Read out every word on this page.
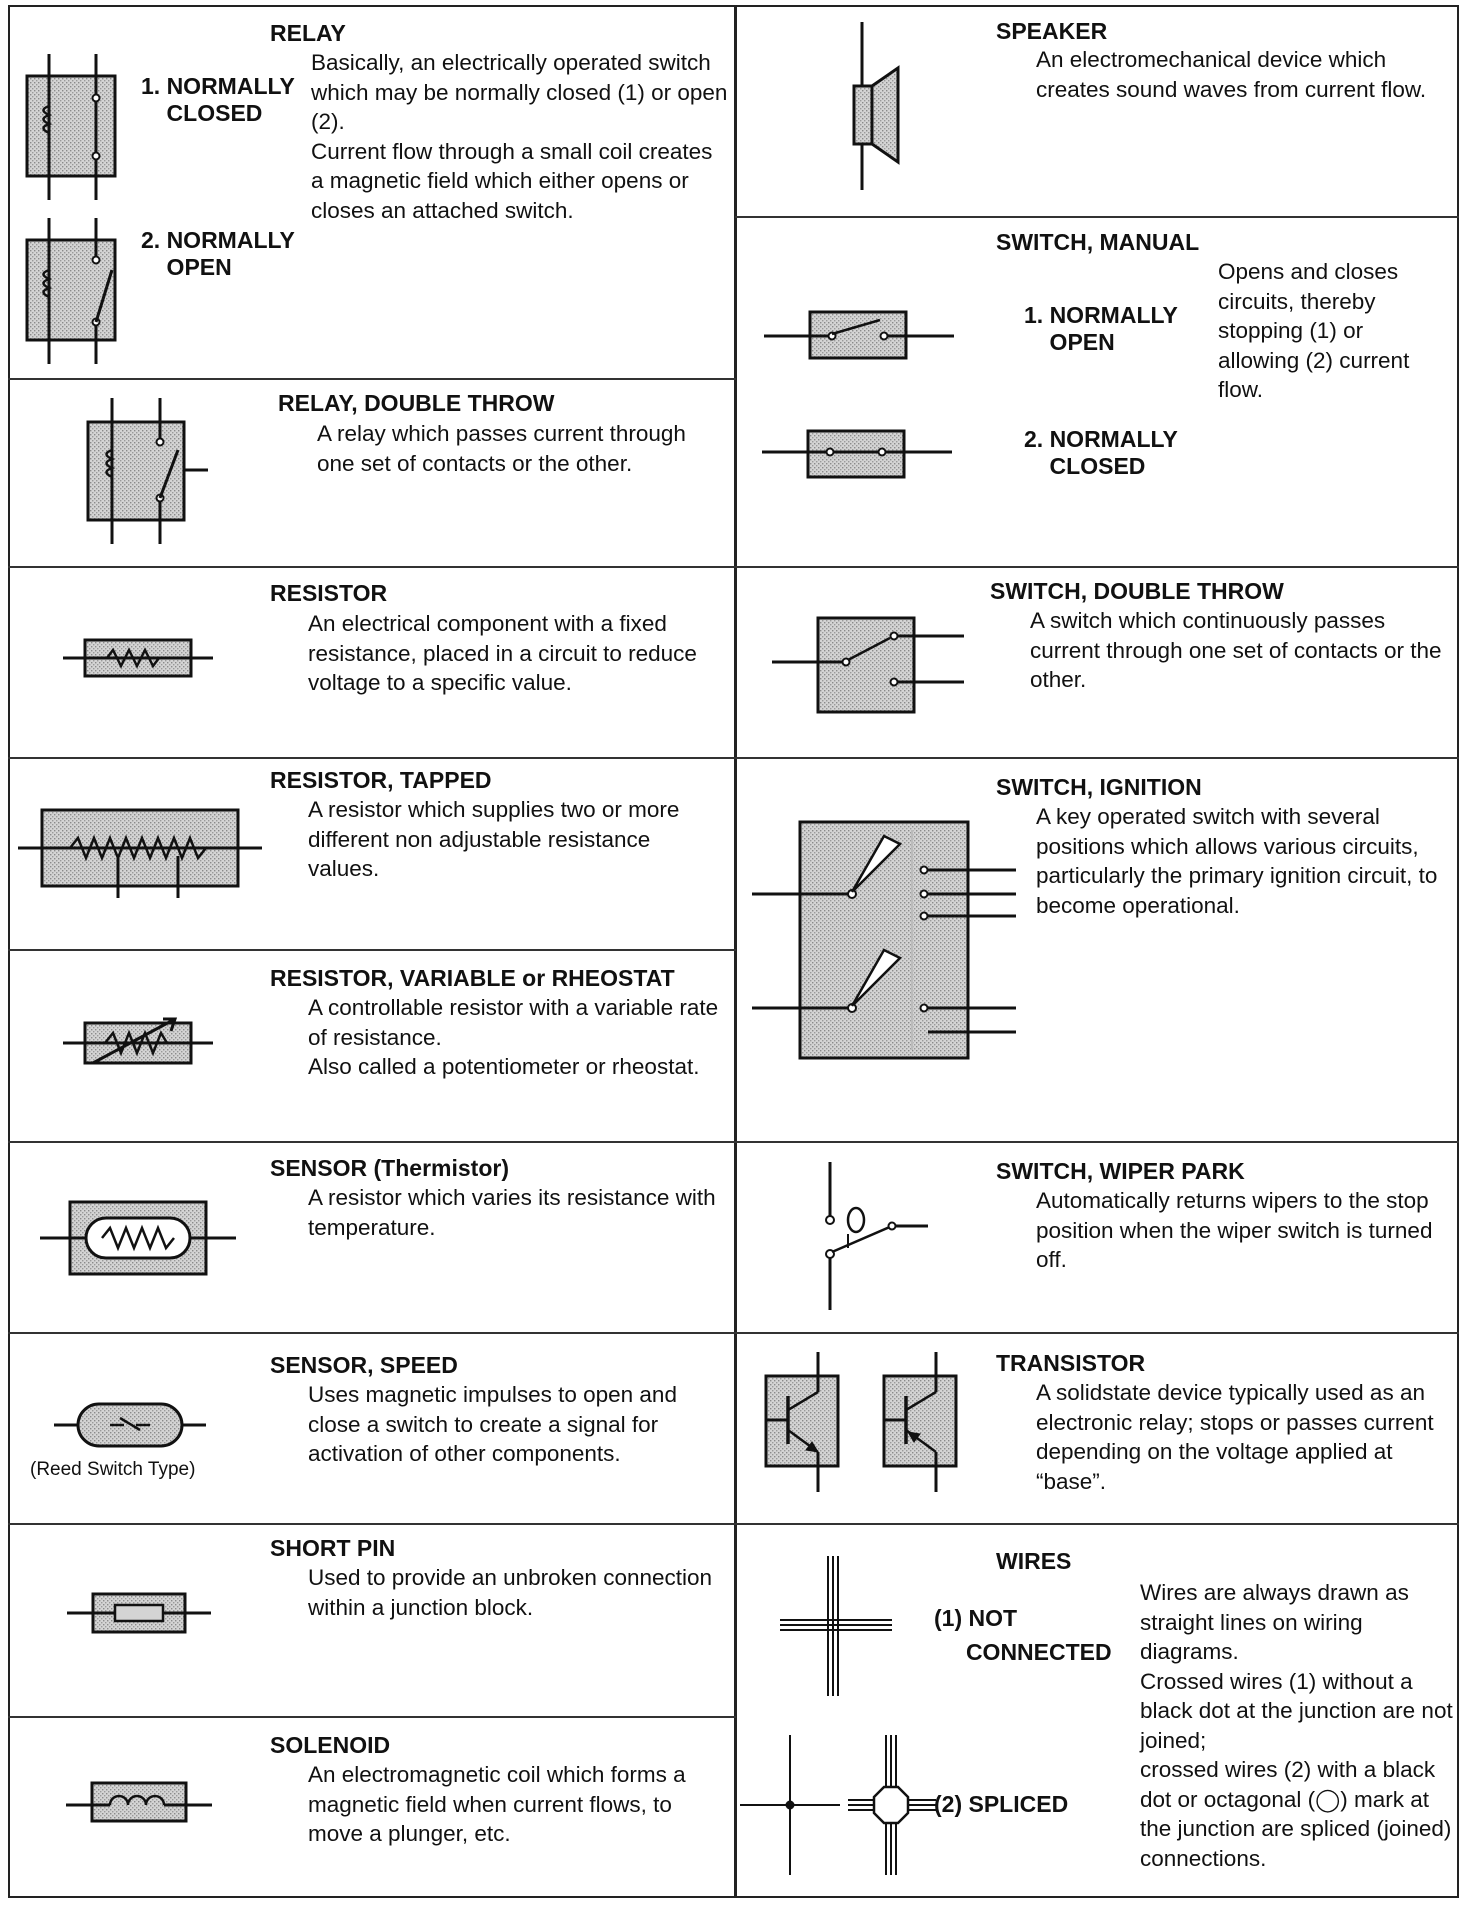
RELAY
1. NORMALLY
CLOSED
Basically, an electrically operated switch which may be normally closed (1) or open (2).
Current flow through a small coil creates a magnetic field which either opens or closes an attached switch.
2. NORMALLY
OPEN
RELAY, DOUBLE THROW
A relay which passes current through one set of contacts or the other.
RESISTOR
An electrical component with a fixed resistance, placed in a circuit to reduce voltage to a specific value.
RESISTOR, TAPPED
A resistor which supplies two or more different non adjustable resistance values.
RESISTOR, VARIABLE or RHEOSTAT
A controllable resistor with a variable rate of resistance.
Also called a potentiometer or rheostat.
SENSOR (Thermistor)
A resistor which varies its resistance with temperature.
(Reed Switch Type)
SENSOR, SPEED
Uses magnetic impulses to open and close a switch to create a signal for activation of other components.
SHORT PIN
Used to provide an unbroken connection within a junction block.
SOLENOID
An electromagnetic coil which forms a magnetic field when current flows, to move a plunger, etc.
SPEAKER
An electromechanical device which creates sound waves from current flow.
SWITCH, MANUAL
1. NORMALLY
OPEN
Opens and closes circuits, thereby stopping (1) or allowing (2) current flow.
2. NORMALLY
CLOSED
SWITCH, DOUBLE THROW
A switch which continuously passes current through one set of contacts or the other.
SWITCH, IGNITION
A key operated switch with several positions which allows various circuits, particularly the primary ignition circuit, to become operational.
SWITCH, WIPER PARK
Automatically returns wipers to the stop position when the wiper switch is turned off.
TRANSISTOR
A solidstate device typically used as an electronic relay; stops or passes current depending on the voltage applied at “base”.
WIRES
(1) NOT
CONNECTED
(2) SPLICED
Wires are always drawn as straight lines on wiring diagrams.
Crossed wires (1) without a black dot at the junction are not joined;
crossed wires (2) with a black dot or octagonal (◯) mark at the junction are spliced (joined) connections.
